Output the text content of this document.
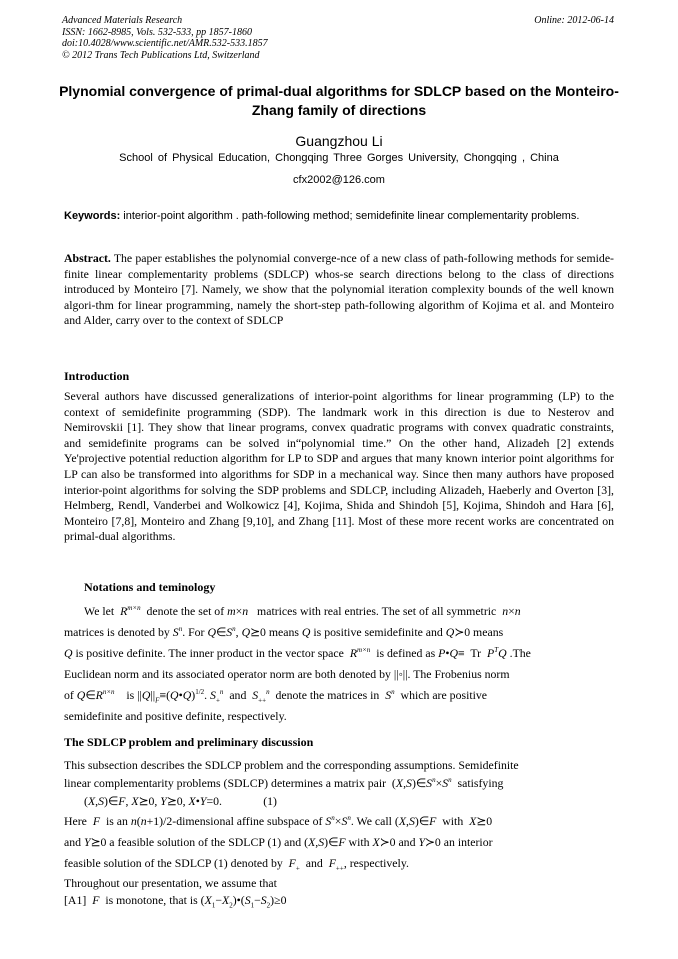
Advanced Materials Research
ISSN: 1662-8985, Vols. 532-533, pp 1857-1860
doi:10.4028/www.scientific.net/AMR.532-533.1857
© 2012 Trans Tech Publications Ltd, Switzerland
Online: 2012-06-14
Plynomial convergence of primal-dual algorithms for SDLCP based on the Monteiro-Zhang family of directions
Guangzhou Li
School of Physical Education, Chongqing Three Gorges University, Chongqing , China
cfx2002@126.com
Keywords: interior-point algorithm . path-following method; semidefinite linear complementarity problems.
Abstract. The paper establishes the polynomial converge-nce of a new class of path-following methods for semide- finite linear complementarity problems (SDLCP) whos-se search directions belong to the class of directions introduced by Monteiro [7]. Namely, we show that the polynomial iteration complexity bounds of the well known algori-thm for linear programming, namely the short-step path-following algorithm of Kojima et al. and Monteiro and Alder, carry over to the context of SDLCP
Introduction
Several authors have discussed generalizations of interior-point algorithms for linear programming (LP) to the context of semidefinite programming (SDP). The landmark work in this direction is due to Nesterov and Nemirovskii [1]. They show that linear programs, convex quadratic programs with convex quadratic constraints, and semidefinite programs can be solved in“polynomial time.” On the other hand, Alizadeh [2] extends Ye'projective potential reduction algorithm for LP to SDP and argues that many known interior point algorithms for LP can also be transformed into algorithms for SDP in a mechanical way. Since then many authors have proposed interior-point algorithms for solving the SDP problems and SDLCP, including Alizadeh, Haeberly and Overton [3], Helmberg, Rendl, Vanderbei and Wolkowicz [4], Kojima, Shida and Shindoh [5], Kojima, Shindoh and Hara [6], Monteiro [7,8], Monteiro and Zhang [9,10], and Zhang [11]. Most of these more recent works are concentrated on primal-dual algorithms.
Notations and teminology
We let $R^{m\times n}$ denote the set of m×n matrices with real entries. The set of all symmetric n×n
matrices is denoted by $S^n$. For $Q\in S^n$, Q⪰0 means Q is positive semidefinite and Q≻0 means
Q is positive definite. The inner product in the vector space $R^{m\times n}$ is defined as P•Q≡  Tr $P^TQ$ .The
Euclidean norm and its associated operator norm are both denoted by ||◦||. The Frobenius norm
of $Q\in R^{n\times n}$ is $||Q||_F\equiv(Q•Q)^{1/2}$. $S_+^n$ and $S_{++}^n$ denote the matrices in $S^n$ which are positive
semidefinite and positive definite, respectively.
The SDLCP problem and preliminary discussion
This subsection describes the SDLCP problem and the corresponding assumptions. Semidefinite
linear complementarity problems (SDLCP) determines a matrix pair  $(X,S)\in S^n\times S^n$ satisfying
(X,S)∈F, X⪰0, Y⪰0, X•Y=0.              (1)
Here F is an n(n+1)/2-dimensional affine subspace of $S^n\times S^n$. We call (X,S)∈F with X⪰0
and Y⪰0 a feasible solution of the SDLCP (1) and (X,S)∈F with X≻0 and Y≻0 an interior
feasible solution of the SDLCP (1) denoted by $F_+$ and $F_{++}$, respectively.
Throughout our presentation, we assume that
[A1] F is monotone, that is $(X_1-X_2)•(S_1-S_2)\ge 0$
